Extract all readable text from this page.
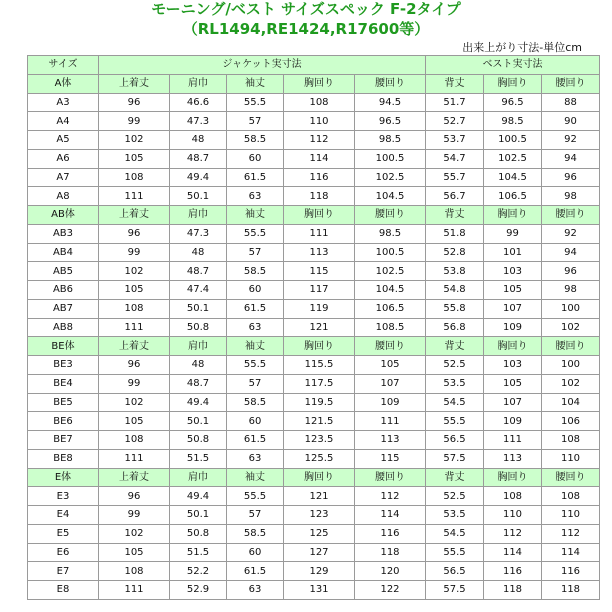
モーニング/ベスト サイズスペック F-2タイプ
（RL1494,RE1424,R17600等）
出来上がり寸法-単位cm
サイズ	ジャケット実寸法					ベスト実寸法		
A体	上着丈	肩巾	袖丈	胸回り	腰回り	背丈	胸回り	腰回り
A3	96	46.6	55.5	108	94.5	51.7	96.5	88
A4	99	47.3	57	110	96.5	52.7	98.5	90
A5	102	48	58.5	112	98.5	53.7	100.5	92
A6	105	48.7	60	114	100.5	54.7	102.5	94
A7	108	49.4	61.5	116	102.5	55.7	104.5	96
A8	111	50.1	63	118	104.5	56.7	106.5	98
AB体	上着丈	肩巾	袖丈	胸回り	腰回り	背丈	胸回り	腰回り
AB3	96	47.3	55.5	111	98.5	51.8	99	92
AB4	99	48	57	113	100.5	52.8	101	94
AB5	102	48.7	58.5	115	102.5	53.8	103	96
AB6	105	47.4	60	117	104.5	54.8	105	98
AB7	108	50.1	61.5	119	106.5	55.8	107	100
AB8	111	50.8	63	121	108.5	56.8	109	102
BE体	上着丈	肩巾	袖丈	胸回り	腰回り	背丈	胸回り	腰回り
BE3	96	48	55.5	115.5	105	52.5	103	100
BE4	99	48.7	57	117.5	107	53.5	105	102
BE5	102	49.4	58.5	119.5	109	54.5	107	104
BE6	105	50.1	60	121.5	111	55.5	109	106
BE7	108	50.8	61.5	123.5	113	56.5	111	108
BE8	111	51.5	63	125.5	115	57.5	113	110
E体	上着丈	肩巾	袖丈	胸回り	腰回り	背丈	胸回り	腰回り
E3	96	49.4	55.5	121	112	52.5	108	108
E4	99	50.1	57	123	114	53.5	110	110
E5	102	50.8	58.5	125	116	54.5	112	112
E6	105	51.5	60	127	118	55.5	114	114
E7	108	52.2	61.5	129	120	56.5	116	116
E8	111	52.9	63	131	122	57.5	118	118
